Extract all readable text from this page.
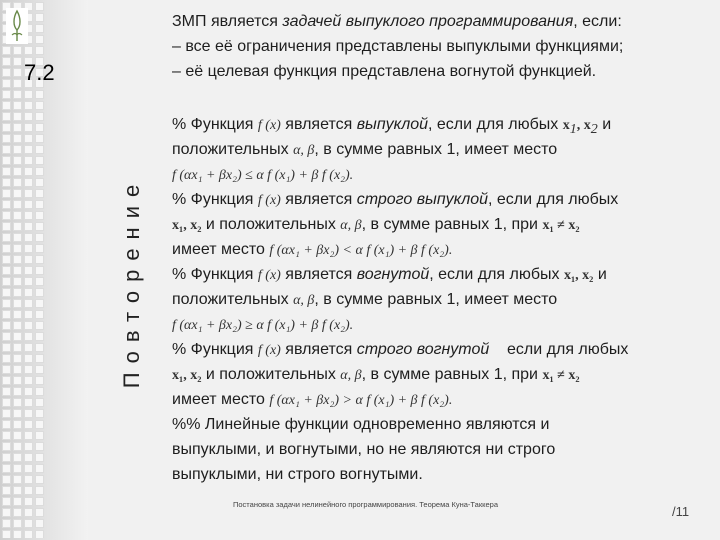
7.2
Повторение
ЗМП является задачей выпуклого программирования, если:
– все её ограничения представлены выпуклыми функциями;
– её целевая функция представлена вогнутой функцией.
% Функция f (x) является выпуклой, если для любых $x_1$, $x_2$ и
положительных α, β, в сумме равных 1, имеет место
f (αx₁ + βx₂) ≤ α f (x₁) + β f (x₂).
% Функция f (x) является строго выпуклой, если для любых
x₁, x₂ и положительных α, β, в сумме равных 1, при x₁ ≠ x₂
имеет место f (αx₁ + βx₂) < α f (x₁) + β f (x₂).
% Функция f (x) является вогнутой, если для любых x₁, x₂ и
положительных α, β, в сумме равных 1, имеет место
f (αx₁ + βx₂) ≥ α f (x₁) + β f (x₂).
% Функция f (x) является строго вогнутой    если для любых
x₁, x₂ и положительных α, β, в сумме равных 1, при x₁ ≠ x₂
имеет место f (αx₁ + βx₂) > α f (x₁) + β f (x₂).
%% Линейные функции одновременно являются и
выпуклыми, и вогнутыми, но не являются ни строго
выпуклыми, ни строго вогнутыми.
Постановка задачи нелинейного программирования. Теорема Куна-Таккера	/11
